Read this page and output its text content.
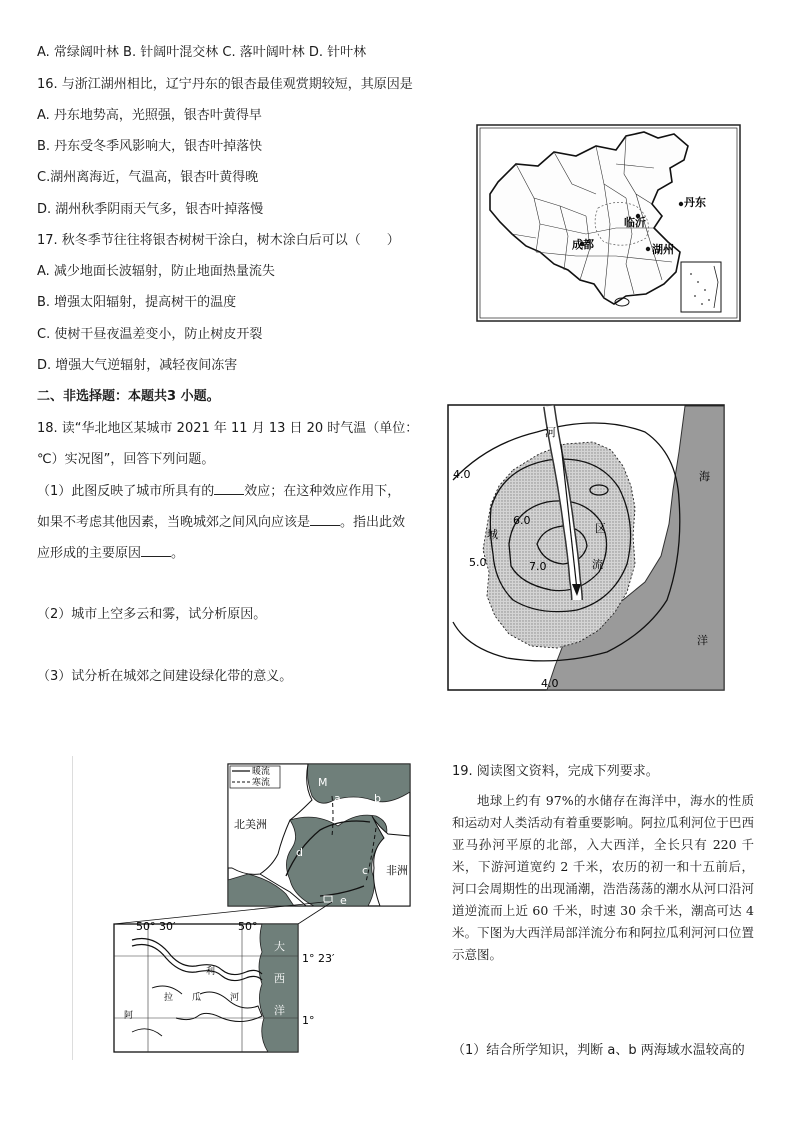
A. 常绿阔叶林 B. 针阔叶混交林 C. 落叶阔叶林 D. 针叶林
16. 与浙江湖州相比，辽宁丹东的银杏最佳观赏期较短，其原因是
A. 丹东地势高，光照强，银杏叶黄得早
B. 丹东受冬季风影响大，银杏叶掉落快
C.湖州离海近，气温高，银杏叶黄得晚
D. 湖州秋季阴雨天气多，银杏叶掉落慢
17. 秋冬季节往往将银杏树树干涂白，树木涂白后可以（　　）
A. 减少地面长波辐射，防止地面热量流失
B. 增强太阳辐射，提高树干的温度
C. 使树干昼夜温差变小，防止树皮开裂
D. 增强大气逆辐射，减轻夜间冻害
二、非选择题：本题共3 小题。
丹东
临沂
成都	湖州
18. 读“华北地区某城市 2021 年 11 月 13 日 20 时气温（单位：
℃）实况图”，回答下列问题。
（1）此图反映了城市所具有的 效应；在这种效应作用下，
如果不考虑其他因素，当晚城郊之间风向应该是 。指出此效
应形成的主要原因 。
（2）城市上空多云和雾，试分析原因。
（3）试分析在城郊之间建设绿化带的意义。
河
海
洋
城	区
流
4.0
6.0
5.0	7.0
4.0
暖流
寒流
北美洲
非洲
a	b
c
d
e
M
50° 30′	50°
1° 23′
1°
大
西
洋
利
拉 瓜	河
阿
19. 阅读图文资料，完成下列要求。
地球上约有 97%的水储存在海洋中，海水的性质和运动对人类活动有着重要影响。阿拉瓜利河位于巴西亚马孙河平原的北部，入大西洋，全长只有 220 千米，下游河道宽约 2 千米，农历的初一和十五前后，河口会周期性的出现涌潮，浩浩荡荡的潮水从河口沿河道逆流而上近 60 千米，时速 30 余千米，潮高可达 4 米。下图为大西洋局部洋流分布和阿拉瓜利河河口位置示意图。
（1）结合所学知识，判断 a、b 两海域水温较高的
